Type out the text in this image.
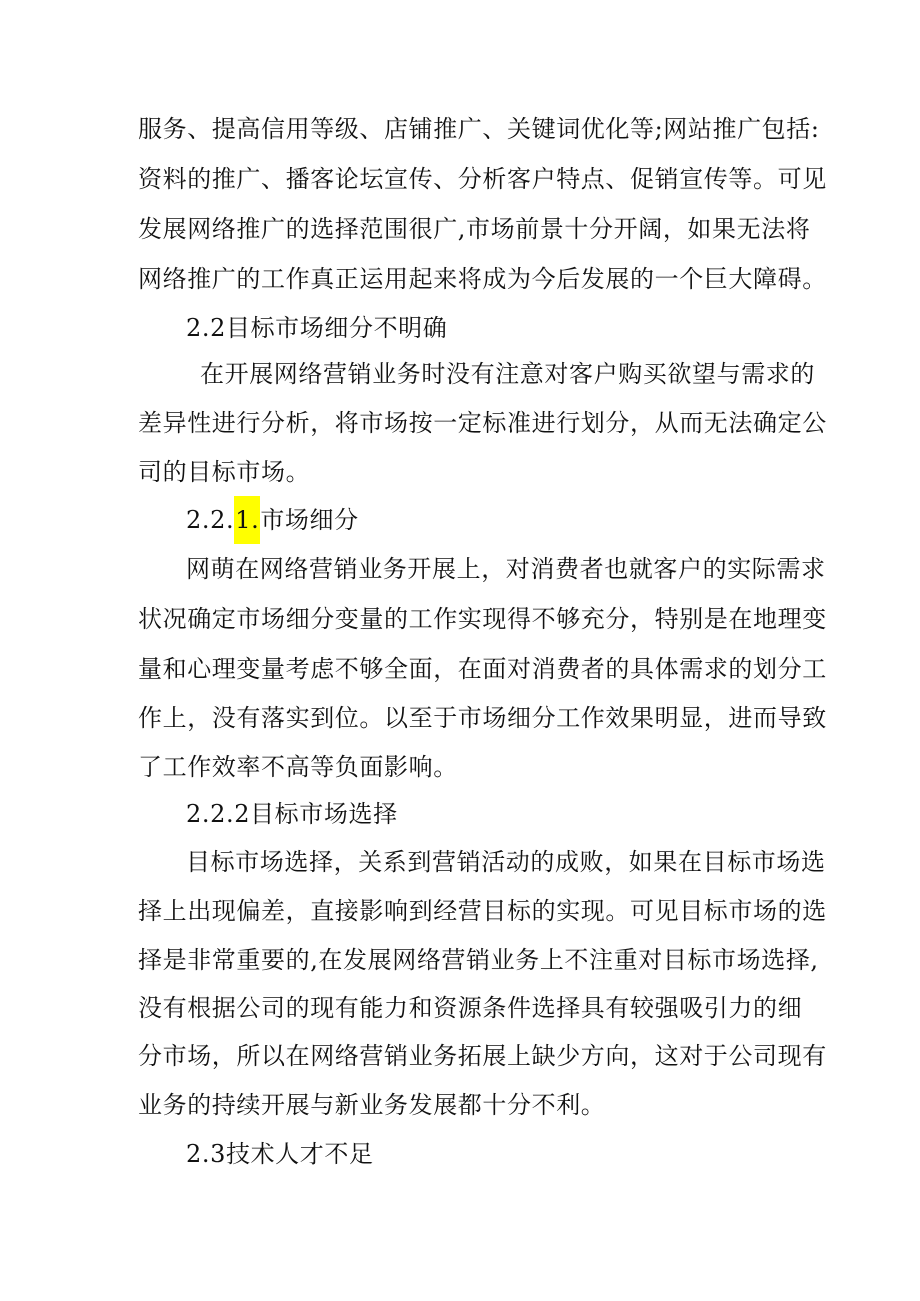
服务、提高信用等级、店铺推广、关键词优化等;网站推广包括:
资料的推广、播客论坛宣传、分析客户特点、促销宣传等。可见
发展网络推广的选择范围很广,市场前景十分开阔，如果无法将
网络推广的工作真正运用起来将成为今后发展的一个巨大障碍。
2.2目标市场细分不明确
在开展网络营销业务时没有注意对客户购买欲望与需求的
差异性进行分析，将市场按一定标准进行划分，从而无法确定公
司的目标市场。
2.2.1.市场细分
网萌在网络营销业务开展上，对消费者也就客户的实际需求
状况确定市场细分变量的工作实现得不够充分，特别是在地理变
量和心理变量考虑不够全面，在面对消费者的具体需求的划分工
作上，没有落实到位。以至于市场细分工作效果明显，进而导致
了工作效率不高等负面影响。
2.2.2目标市场选择
目标市场选择，关系到营销活动的成败，如果在目标市场选
择上出现偏差，直接影响到经营目标的实现。可见目标市场的选
择是非常重要的,在发展网络营销业务上不注重对目标市场选择,
没有根据公司的现有能力和资源条件选择具有较强吸引力的细
分市场，所以在网络营销业务拓展上缺少方向，这对于公司现有
业务的持续开展与新业务发展都十分不利。
2.3技术人才不足
